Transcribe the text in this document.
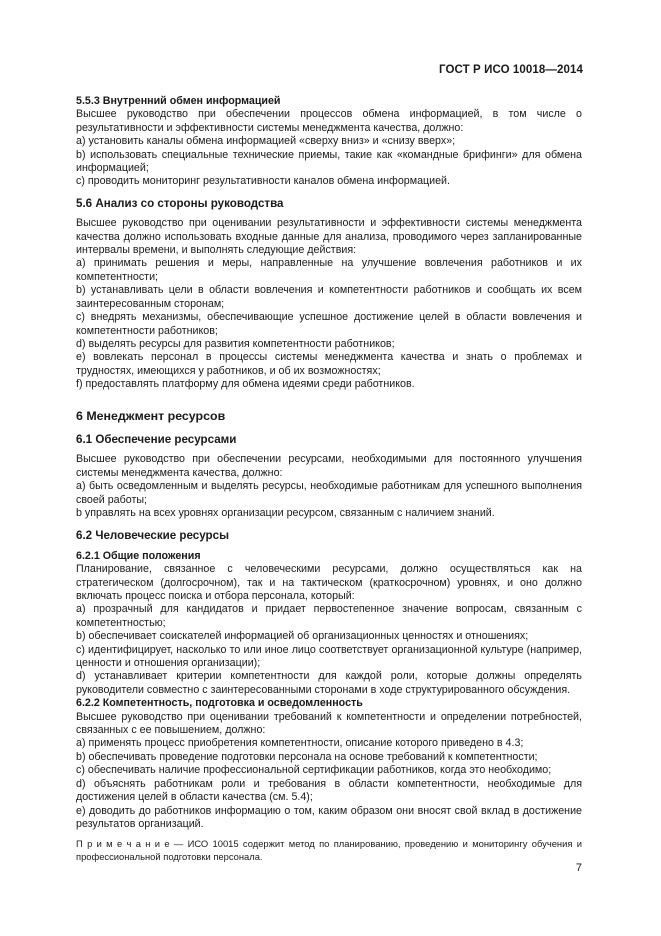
ГОСТ Р ИСО 10018—2014

5.5.3 Внутренний обмен информацией

Высшее руководство при обеспечении процессов обмена информацией, в том числе о результативности и эффективности системы менеджмента качества, должно:

а) установить каналы обмена информацией «сверху вниз» и «снизу вверх»;

b) использовать специальные технические приемы, такие как «командные брифинги» для обмена информацией;

с) проводить мониторинг результативности каналов обмена информацией.

5.6 Анализ со стороны руководства

Высшее руководство при оценивании результативности и эффективности системы менеджмента качества должно использовать входные данные для анализа, проводимого через запланированные интервалы времени, и выполнять следующие действия:

а) принимать решения и меры, направленные на улучшение вовлечения работников и их компетентности;

b) устанавливать цели в области вовлечения и компетентности работников и сообщать их всем заинтересованным сторонам;

с) внедрять механизмы, обеспечивающие успешное достижение целей в области вовлечения и компетентности работников;

d) выделять ресурсы для развития компетентности работников;

е) вовлекать персонал в процессы системы менеджмента качества и знать о проблемах и трудностях, имеющихся у работников, и об их возможностях;

f) предоставлять платформу для обмена идеями среди работников.

6 Менеджмент ресурсов

6.1 Обеспечение ресурсами

Высшее руководство при обеспечении ресурсами, необходимыми для постоянного улучшения системы менеджмента качества, должно:

а) быть осведомленным и выделять ресурсы, необходимые работникам для успешного выполнения своей работы;

b управлять на всех уровнях организации ресурсом, связанным с наличием знаний.

6.2 Человеческие ресурсы

6.2.1 Общие положения

Планирование, связанное с человеческими ресурсами, должно осуществляться как на стратегическом (долгосрочном), так и на тактическом (краткосрочном) уровнях, и оно должно включать процесс поиска и отбора персонала, который:

а) прозрачный для кандидатов и придает первостепенное значение вопросам, связанным с компетентностью;

b) обеспечивает соискателей информацией об организационных ценностях и отношениях;

с) идентифицирует, насколько то или иное лицо соответствует организационной культуре (например, ценности и отношения организации);

d) устанавливает критерии компетентности для каждой роли, которые должны определять руководители совместно с заинтересованными сторонами в ходе структурированного обсуждения.

6.2.2 Компетентность, подготовка и осведомленность

Высшее руководство при оценивании требований к компетентности и определении потребностей, связанных с ее повышением, должно:

а) применять процесс приобретения компетентности, описание которого приведено в 4.3;

b) обеспечивать проведение подготовки персонала на основе требований к компетентности;

с) обеспечивать наличие профессиональной сертификации работников, когда это необходимо;

d) объяснять работникам роли и требования в области компетентности, необходимые для достижения целей в области качества (см. 5.4);

е) доводить до работников информацию о том, каким образом они вносят свой вклад в достижение результатов организаций.

П р и м е ч а н и е — ИСО 10015 содержит метод по планированию, проведению и мониторингу обучения и профессиональной подготовки персонала.

7
